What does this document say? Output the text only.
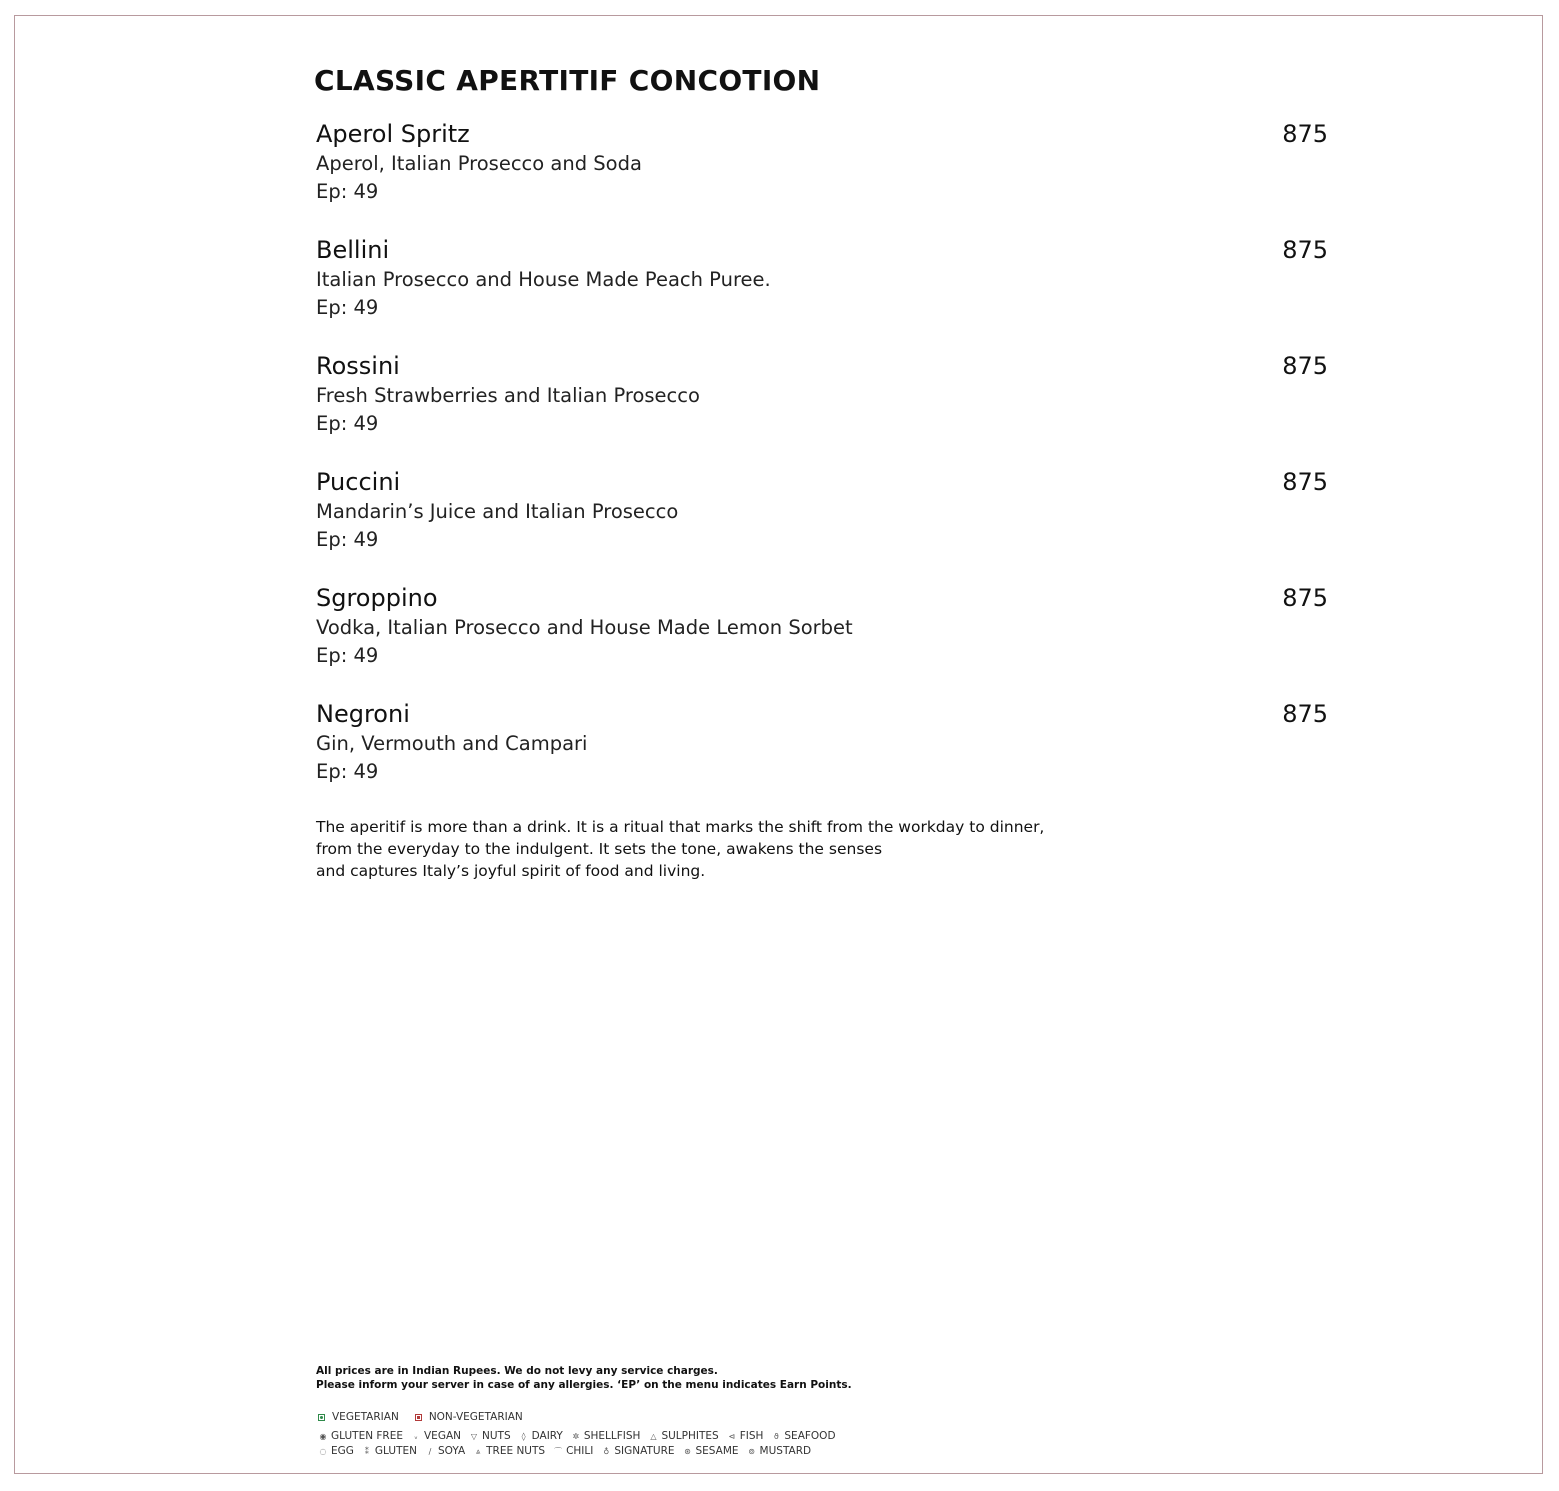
CLASSIC APERTITIF CONCOTION
Aperol Spritz	875
Aperol, Italian Prosecco and Soda
Ep: 49
Bellini	875
Italian Prosecco and House Made Peach Puree.
Ep: 49
Rossini	875
Fresh Strawberries and Italian Prosecco
Ep: 49
Puccini	875
Mandarin’s Juice and Italian Prosecco
Ep: 49
Sgroppino	875
Vodka, Italian Prosecco and House Made Lemon Sorbet
Ep: 49
Negroni	875
Gin, Vermouth and Campari
Ep: 49
The aperitif is more than a drink. It is a ritual that marks the shift from the workday to dinner,
from the everyday to the indulgent. It sets the tone, awakens the senses
and captures Italy’s joyful spirit of food and living.
All prices are in Indian Rupees. We do not levy any service charges.
Please inform your server in case of any allergies. ‘EP’ on the menu indicates Earn Points.
VEGETARIAN	NON-VEGETARIAN
◉ GLUTEN FREE	ᵥ VEGAN ▽ NUTS	◊ DAIRY ✲ SHELLFISH △ SULPHITES ⊲ FISH	ϑ SEAFOOD
◌ EGG	⁑ GLUTEN	∕ SOYA	⩓ TREE NUTS ⌒ CHILI ♁ SIGNATURE ⊛ SESAME ⊚ MUSTARD
